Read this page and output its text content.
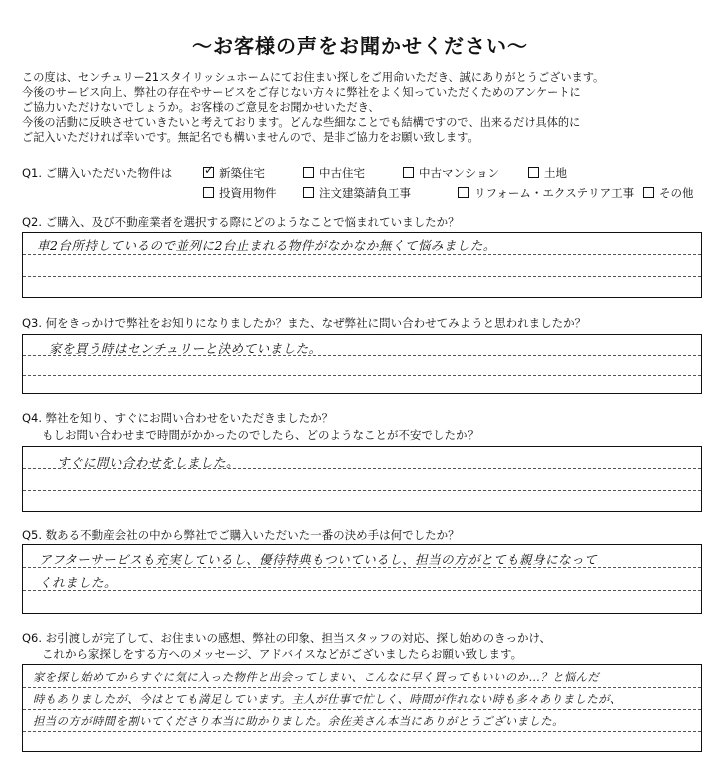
～お客様の声をお聞かせください～
この度は、センチュリー21スタイリッシュホームにてお住まい探しをご用命いただき、誠にありがとうございます。
今後のサービス向上、弊社の存在やサービスをご存じない方々に弊社をよく知っていただくためのアンケートに
ご協力いただけないでしょうか。お客様のご意見をお聞かせいただき、
今後の活動に反映させていきたいと考えております。どんな些細なことでも結構ですので、出来るだけ具体的に
ご記入いただければ幸いです。無記名でも構いませんので、是非ご協力をお願い致します。
Q1. ご購入いただいた物件は
✓	新築住宅	中古住宅	中古マンション	土地
投資用物件	注文建築請負工事	リフォーム・エクステリア工事	その他
Q2. ご購入、及び不動産業者を選択する際にどのようなことで悩まれていましたか？
車2台所持しているので並列に2台止まれる物件がなかなか無くて悩みました。
Q3. 何をきっかけで弊社をお知りになりましたか？また、なぜ弊社に問い合わせてみようと思われましたか？
家を買う時はセンチュリーと決めていました。
Q4. 弊社を知り、すぐにお問い合わせをいただきましたか？
もしお問い合わせまで時間がかかったのでしたら、どのようなことが不安でしたか？
すぐに問い合わせをしました。
Q5. 数ある不動産会社の中から弊社でご購入いただいた一番の決め手は何でしたか？
アフターサービスも充実しているし、優待特典もついているし、担当の方がとても親身になって
くれました。
Q6. お引渡しが完了して、お住まいの感想、弊社の印象、担当スタッフの対応、探し始めのきっかけ、
これから家探しをする方へのメッセージ、アドバイスなどがございましたらお願い致します。
家を探し始めてからすぐに気に入った物件と出会ってしまい、こんなに早く買ってもいいのか…？と悩んだ
時もありましたが、今はとても満足しています。主人が仕事で忙しく、時間が作れない時も多々ありましたが、
担当の方が時間を割いてくださり本当に助かりました。余佐美さん本当にありがとうございました。
